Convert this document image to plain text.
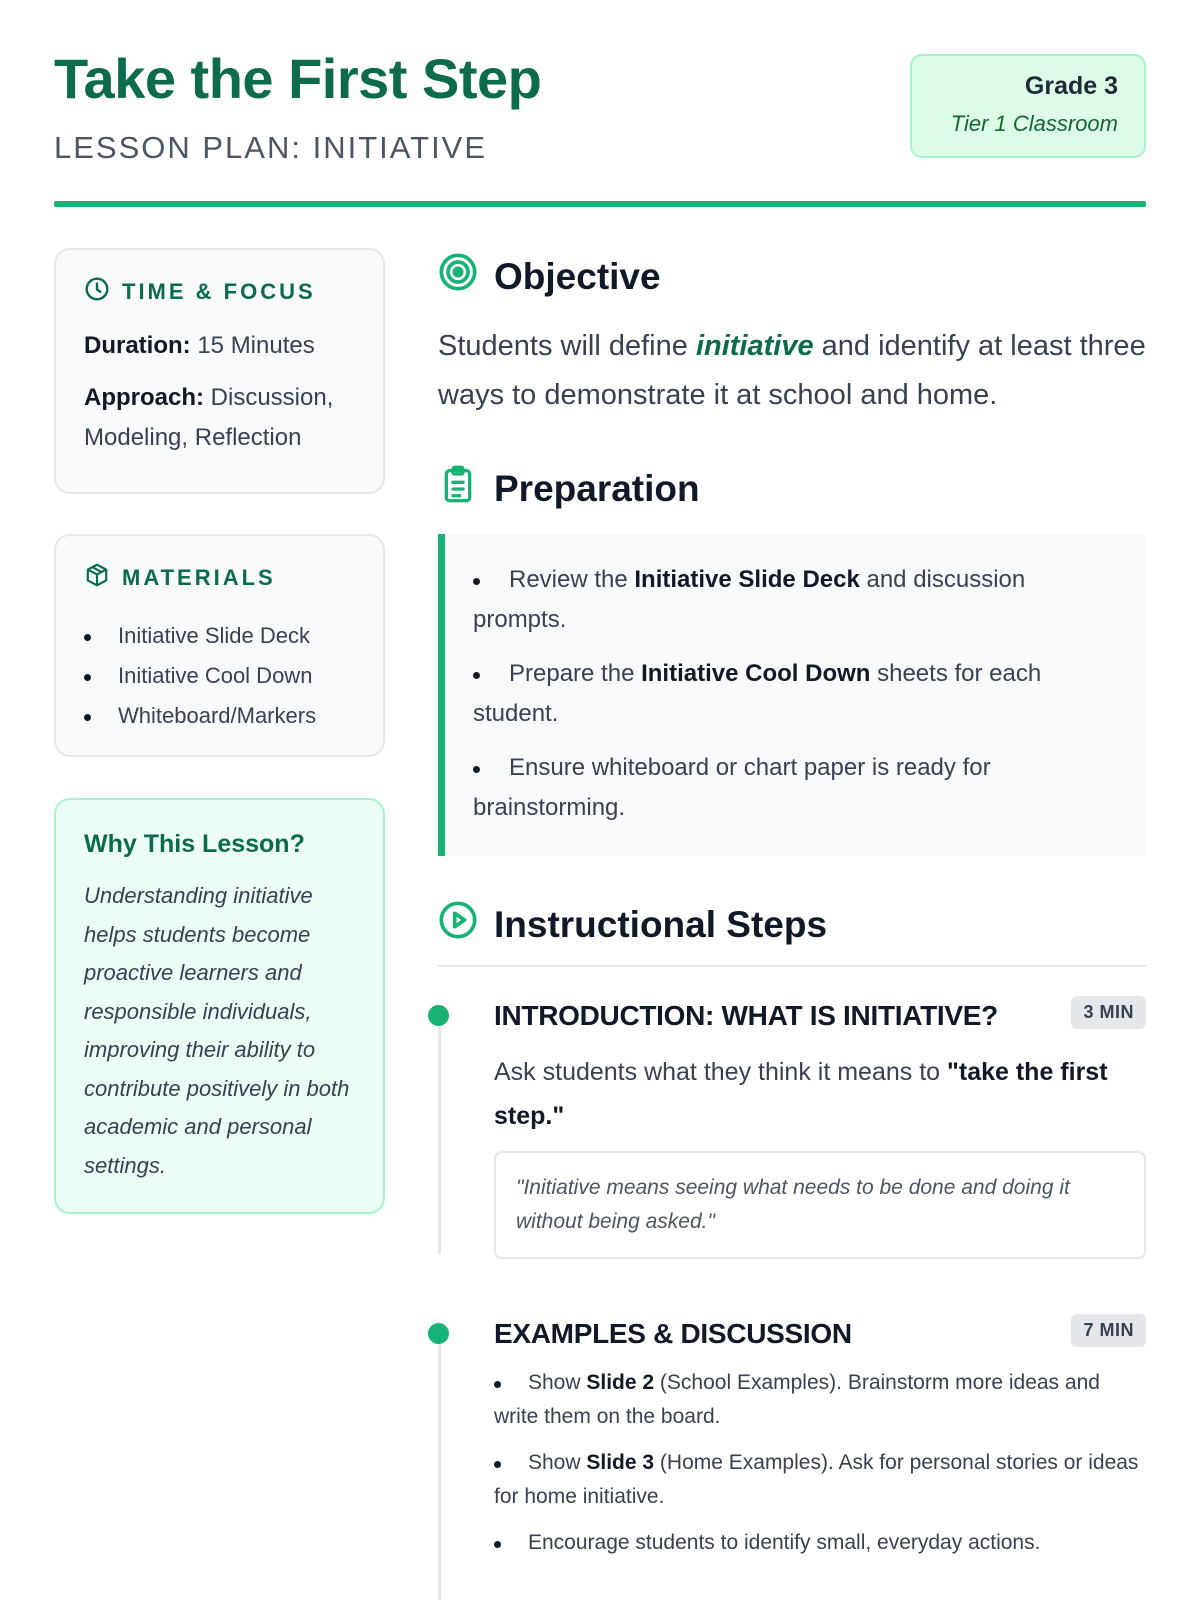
Take the First Step
LESSON PLAN: INITIATIVE
Grade 3
Tier 1 Classroom
TIME & FOCUS

Duration: 15 Minutes

Approach: Discussion, Modeling, Reflection

MATERIALS
Initiative Slide Deck
Initiative Cool Down
Whiteboard/Markers
Why This Lesson?

Understanding initiative helps students become proactive learners and responsible individuals, improving their ability to contribute positively in both academic and personal settings.

Objective

Students will define initiative and identify at least three ways to demonstrate it at school and home.

Preparation
Review the Initiative Slide Deck and discussion prompts.
Prepare the Initiative Cool Down sheets for each student.
Ensure whiteboard or chart paper is ready for brainstorming.
Instructional Steps
INTRODUCTION: WHAT IS INITIATIVE?	3 MIN

Ask students what they think it means to "take the first step."

"Initiative means seeing what needs to be done and doing it without being asked."
EXAMPLES & DISCUSSION	7 MIN
Show Slide 2 (School Examples). Brainstorm more ideas and write them on the board.
Show Slide 3 (Home Examples). Ask for personal stories or ideas for home initiative.
Encourage students to identify small, everyday actions.
